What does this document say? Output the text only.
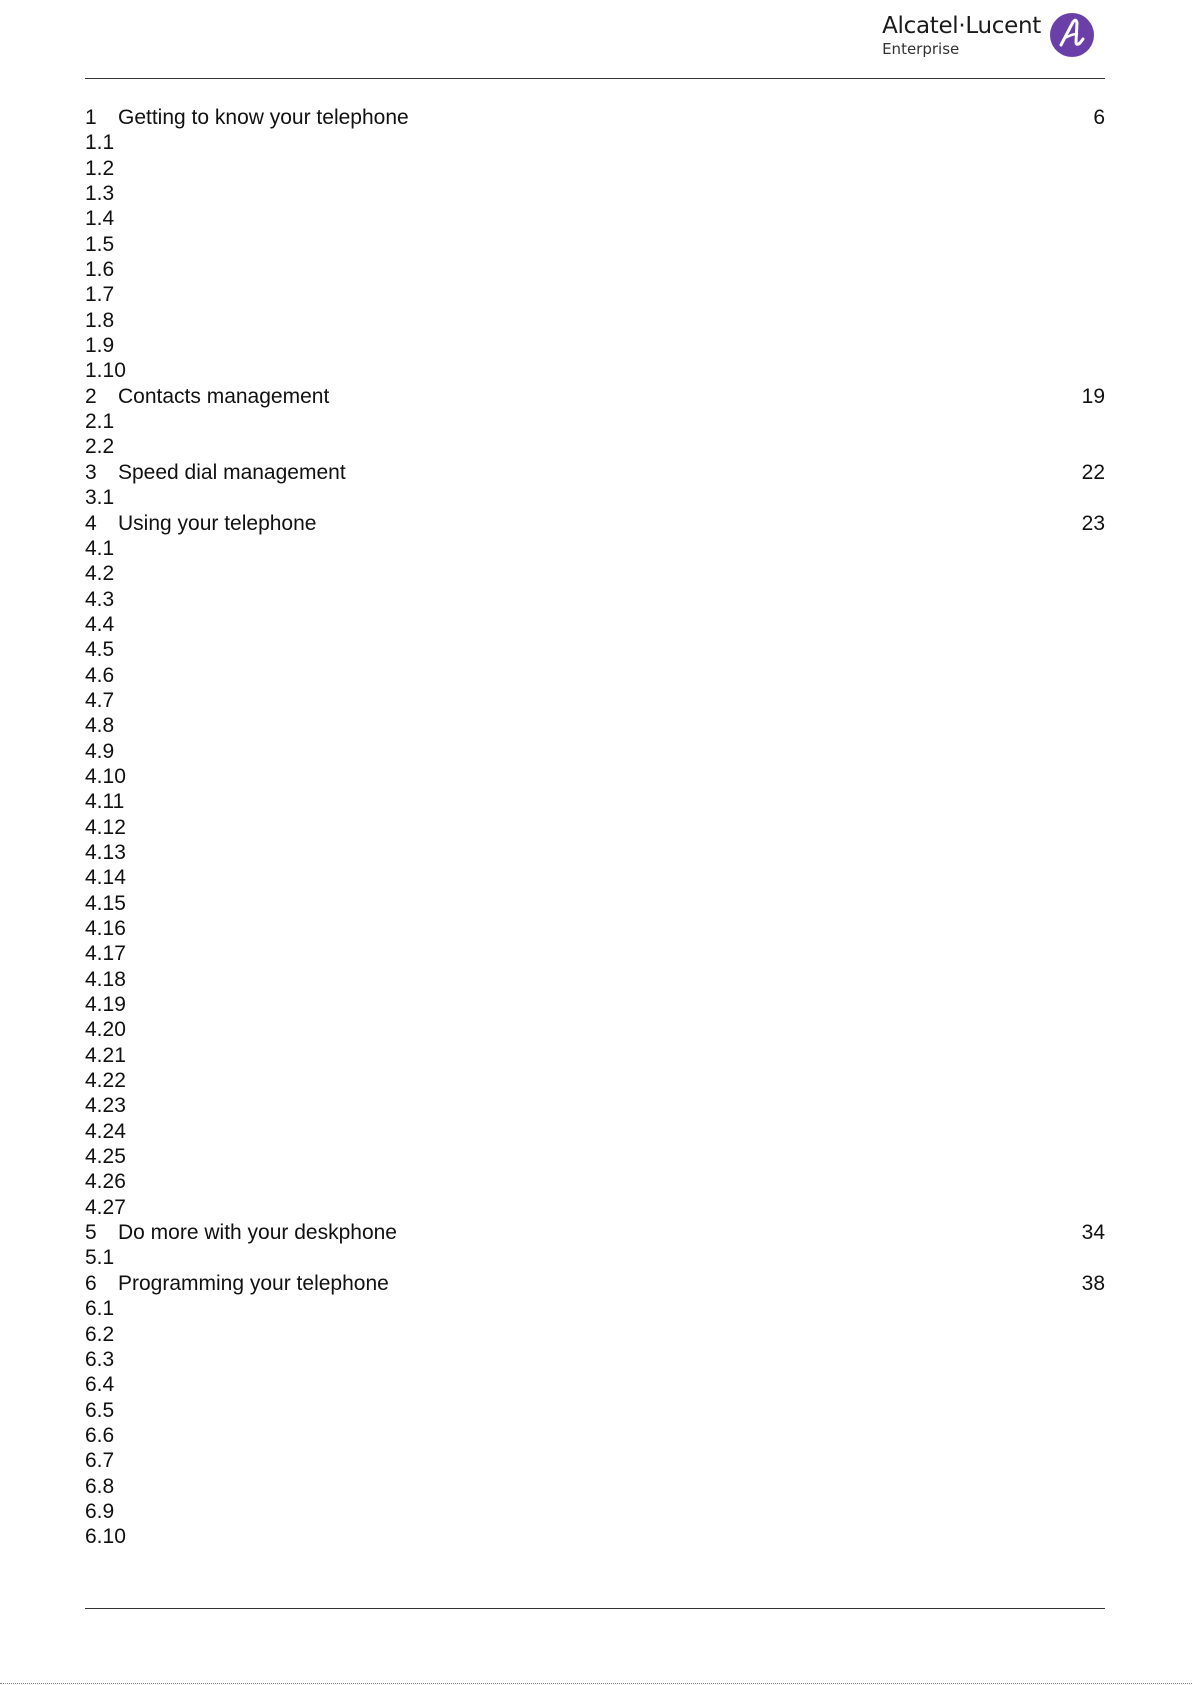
Alcatel·Lucent
Enterprise
1 Getting to know your telephone	6
1.1
1.2
1.3
1.4
1.5
1.6
1.7
1.8
1.9
1.10
2 Contacts management	19
2.1
2.2
3 Speed dial management	22
3.1
4 Using your telephone	23
4.1
4.2
4.3
4.4
4.5
4.6
4.7
4.8
4.9
4.10
4.11
4.12
4.13
4.14
4.15
4.16
4.17
4.18
4.19
4.20
4.21
4.22
4.23
4.24
4.25
4.26
4.27
5 Do more with your deskphone	34
5.1
6 Programming your telephone	38
6.1
6.2
6.3
6.4
6.5
6.6
6.7
6.8
6.9
6.10
